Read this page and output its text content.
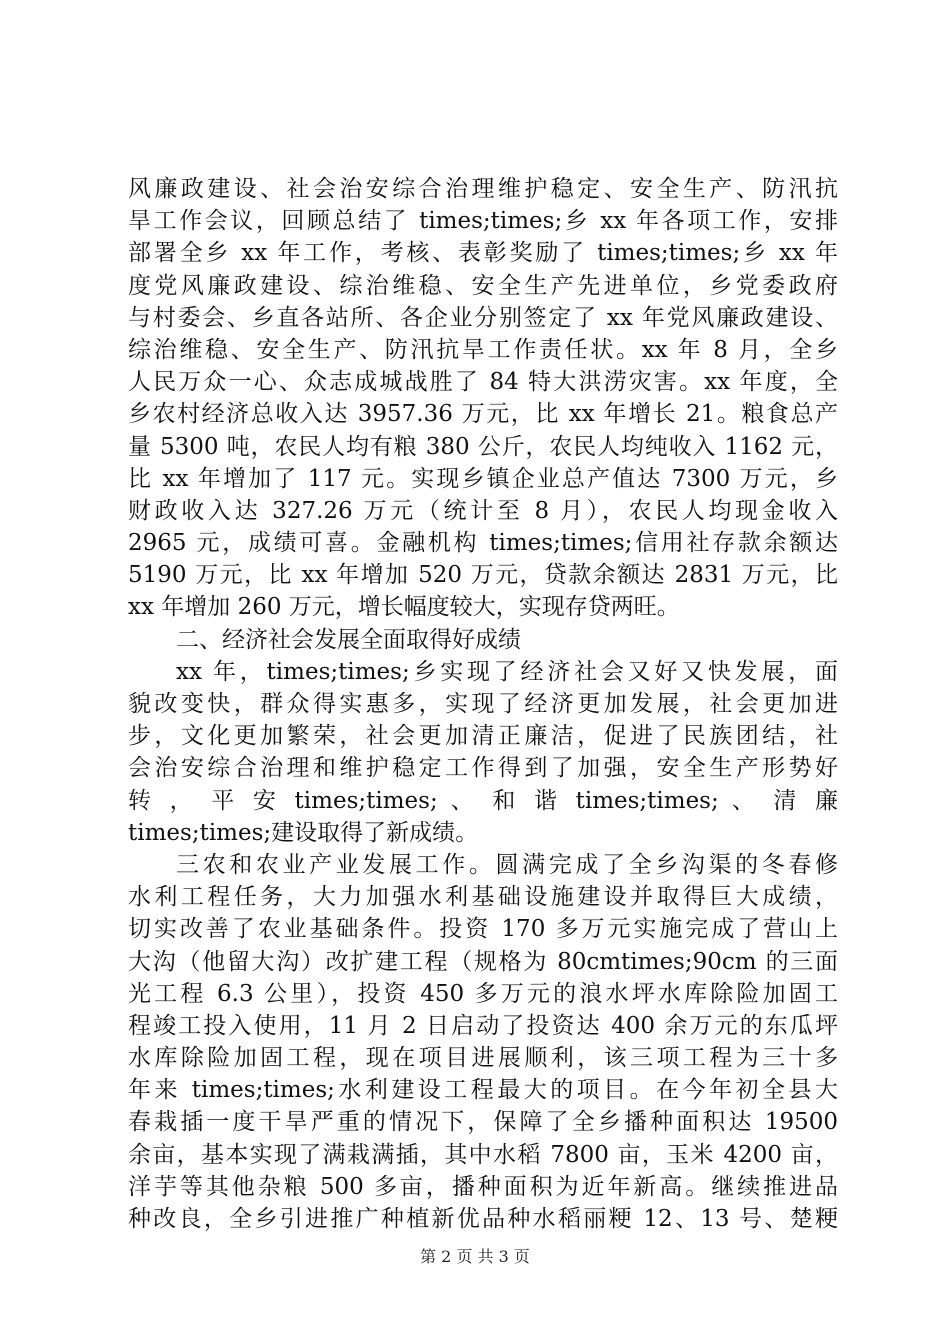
风廉政建设、社会治安综合治理维护稳定、安全生产、防汛抗
旱工作会议，回顾总结了 times;times;乡 xx 年各项工作，安排
部署全乡 xx 年工作，考核、表彰奖励了 times;times;乡 xx 年
度党风廉政建设、综治维稳、安全生产先进单位，乡党委政府
与村委会、乡直各站所、各企业分别签定了 xx 年党风廉政建设、
综治维稳、安全生产、防汛抗旱工作责任状。xx 年 8 月，全乡
人民万众一心、众志成城战胜了 84 特大洪涝灾害。xx 年度，全
乡农村经济总收入达 3957.36 万元，比 xx 年增长 21。粮食总产
量 5300 吨，农民人均有粮 380 公斤，农民人均纯收入 1162 元，
比 xx 年增加了 117 元。实现乡镇企业总产值达 7300 万元，乡
财政收入达 327.26 万元（统计至 8 月），农民人均现金收入
2965 元，成绩可喜。金融机构 times;times;信用社存款余额达
5190 万元，比 xx 年增加 520 万元，贷款余额达 2831 万元，比
xx 年增加 260 万元，增长幅度较大，实现存贷两旺。
二、经济社会发展全面取得好成绩
xx 年，times;times;乡实现了经济社会又好又快发展，面
貌改变快，群众得实惠多，实现了经济更加发展，社会更加进
步，文化更加繁荣，社会更加清正廉洁，促进了民族团结，社
会治安综合治理和维护稳定工作得到了加强，安全生产形势好
转 ， 平 安 times;times; 、 和 谐 times;times; 、 清 廉
times;times;建设取得了新成绩。
三农和农业产业发展工作。圆满完成了全乡沟渠的冬春修
水利工程任务，大力加强水利基础设施建设并取得巨大成绩，
切实改善了农业基础条件。投资 170 多万元实施完成了营山上
大沟（他留大沟）改扩建工程（规格为 80cmtimes;90cm 的三面
光工程 6.3 公里），投资 450 多万元的浪水坪水库除险加固工
程竣工投入使用，11 月 2 日启动了投资达 400 余万元的东瓜坪
水库除险加固工程，现在项目进展顺利，该三项工程为三十多
年来 times;times;水利建设工程最大的项目。在今年初全县大
春栽插一度干旱严重的情况下，保障了全乡播种面积达 19500
余亩，基本实现了满栽满插，其中水稻 7800 亩，玉米 4200 亩，
洋芋等其他杂粮 500 多亩，播种面积为近年新高。继续推进品
种改良，全乡引进推广种植新优品种水稻丽粳 12、13 号、楚粳
第 2 页 共 3 页
